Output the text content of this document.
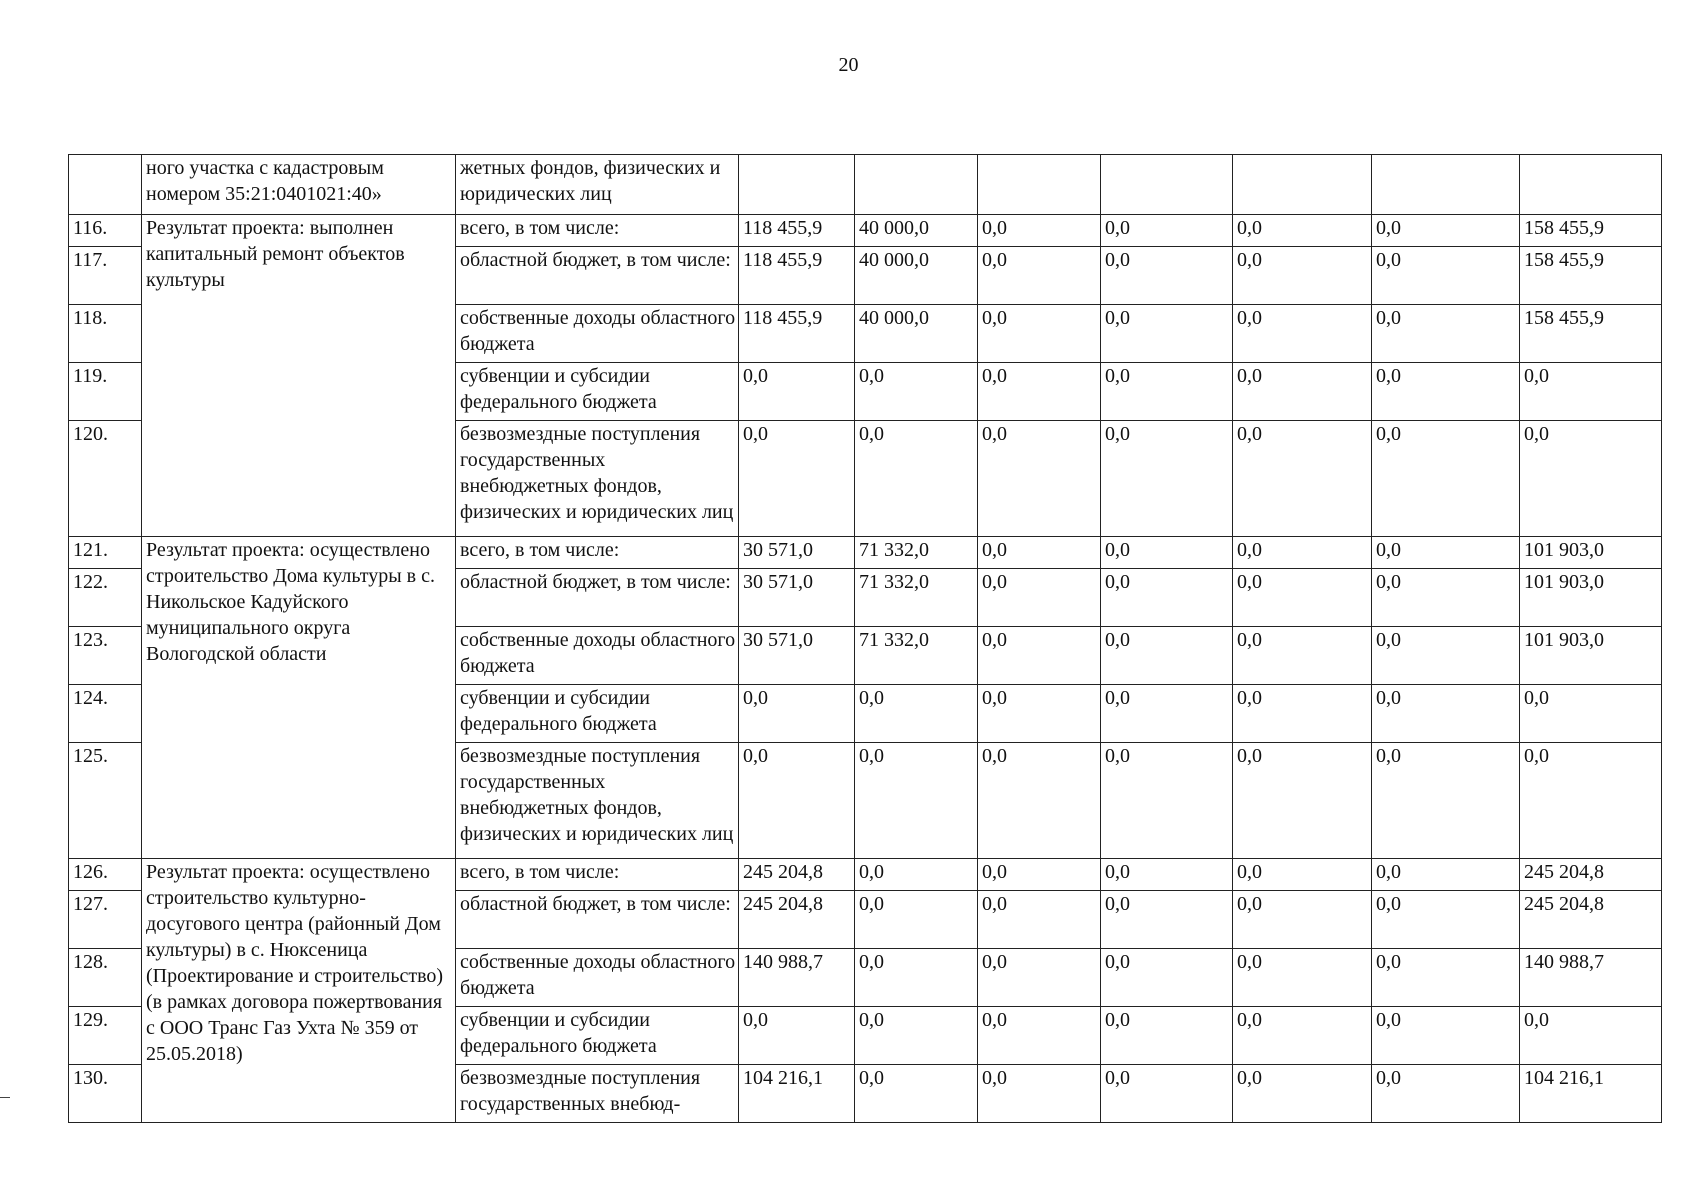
20
	ного участка с кадастровым номером 35:21:0401021:40»	жетных фондов, физических и юридических лиц							
116.	Результат проекта: выполнен капитальный ремонт объектов культуры	всего, в том числе:	118 455,9	40 000,0	0,0	0,0	0,0	0,0	158 455,9
117.		областной бюджет, в том числе:	118 455,9	40 000,0	0,0	0,0	0,0	0,0	158 455,9
118.		собственные доходы областного бюджета	118 455,9	40 000,0	0,0	0,0	0,0	0,0	158 455,9
119.		субвенции и субсидии федерального бюджета	0,0	0,0	0,0	0,0	0,0	0,0	0,0
120.		безвозмездные поступления государственных внебюджетных фондов, физических и юридических лиц	0,0	0,0	0,0	0,0	0,0	0,0	0,0
121.	Результат проекта: осуществлено строительство Дома культуры в с. Никольское Кадуйского муниципального округа Вологодской области	всего, в том числе:	30 571,0	71 332,0	0,0	0,0	0,0	0,0	101 903,0
122.		областной бюджет, в том числе:	30 571,0	71 332,0	0,0	0,0	0,0	0,0	101 903,0
123.		собственные доходы областного бюджета	30 571,0	71 332,0	0,0	0,0	0,0	0,0	101 903,0
124.		субвенции и субсидии федерального бюджета	0,0	0,0	0,0	0,0	0,0	0,0	0,0
125.		безвозмездные поступления государственных внебюджетных фондов, физических и юридических лиц	0,0	0,0	0,0	0,0	0,0	0,0	0,0
126.	Результат проекта: осуществлено строительство культурно-досугового центра (районный Дом культуры) в с. Нюксеница (Проектирование и строительство) (в рамках договора пожертвования с ООО Транс Газ Ухта № 359 от 25.05.2018)	всего, в том числе:	245 204,8	0,0	0,0	0,0	0,0	0,0	245 204,8
127.		областной бюджет, в том числе:	245 204,8	0,0	0,0	0,0	0,0	0,0	245 204,8
128.		собственные доходы областного бюджета	140 988,7	0,0	0,0	0,0	0,0	0,0	140 988,7
129.		субвенции и субсидии федерального бюджета	0,0	0,0	0,0	0,0	0,0	0,0	0,0
130.		безвозмездные поступления государственных внебюд-	104 216,1	0,0	0,0	0,0	0,0	0,0	104 216,1
